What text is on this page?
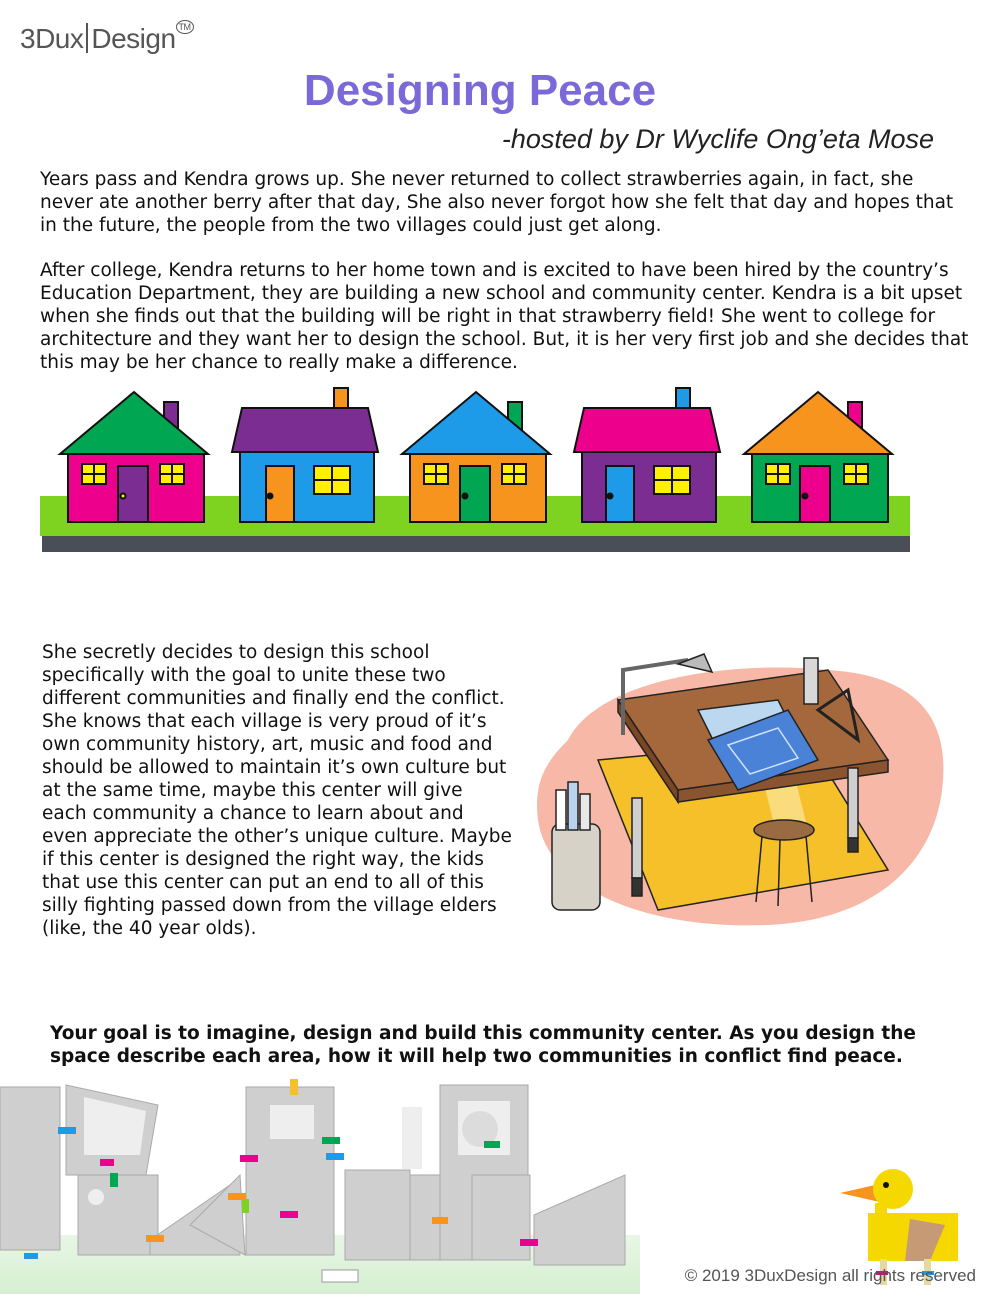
3Dux Design ™
Designing Peace
-hosted by Dr Wyclife Ong’eta Mose

Years pass and Kendra grows up. She never returned to collect strawberries again, in fact, she never ate another berry after that day, She also never forgot how she felt that day and hopes that in the future, the people from the two villages could just get along.

After college, Kendra returns to her home town and is excited to have been hired by the country’s Education Department, they are building a new school and community center. Kendra is a bit upset when she finds out that the building will be right in that strawberry field! She went to college for architecture and they want her to design the school. But, it is her very first job and she decides that this may be her chance to really make a difference.

She secretly decides to design this school specifically with the goal to unite these two different communities and finally end the conflict. She knows that each village is very proud of it’s own community history, art, music and food and should be allowed to maintain it’s own culture but at the same time, maybe this center will give each community a chance to learn about and even appreciate the other’s unique culture. Maybe if this center is designed the right way, the kids that use this center can put an end to all of this silly fighting passed down from the village elders (like, the 40 year olds).

Your goal is to imagine, design and build this community center. As you design the space describe each area, how it will help two communities in conflict find peace.

© 2019 3DuxDesign all rights reserved
